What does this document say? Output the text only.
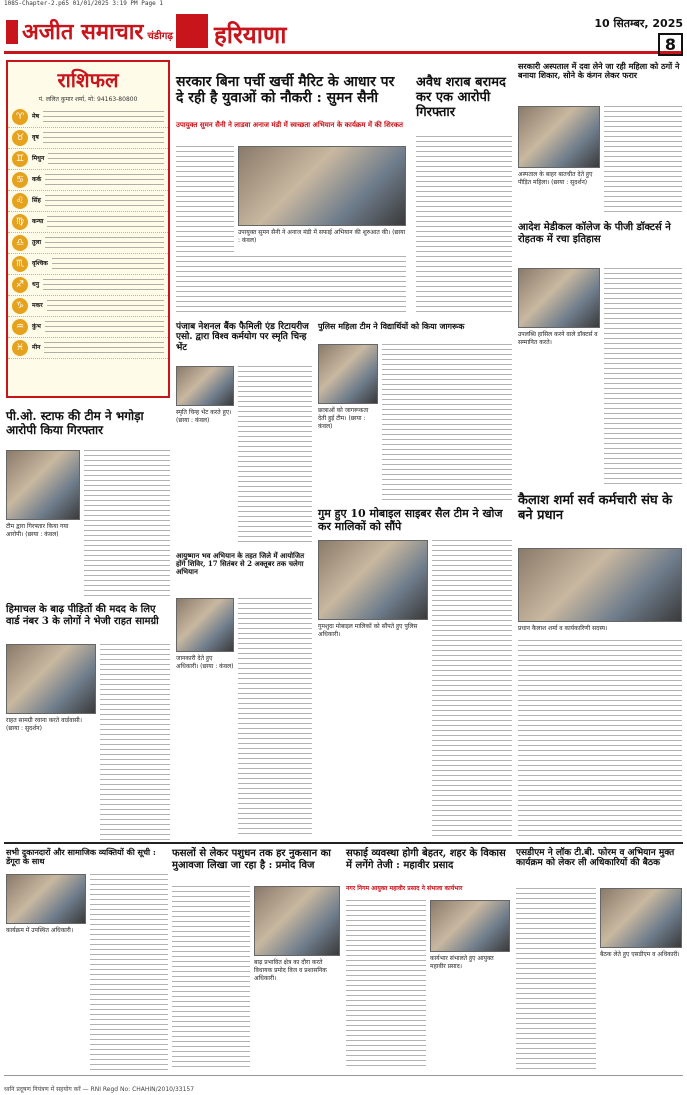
1085-Chapter-2.p65 01/01/2025 3:19 PM Page 1
अजीत समाचार चंडीगढ़ हरियाणा	10 सितम्बर, 2025
8
राशिफल
पं. ललित कुमार शर्मा, मो: 94163-80800
♈	मेष
♉	वृष
♊	मिथुन
♋	कर्क
♌	सिंह
♍	कन्या
♎	तुला
♏	वृश्चिक
♐	धनु
♑	मकर
♒	कुंभ
♓	मीन
सरकार बिना पर्ची खर्ची मैरिट के आधार पर दे रही है युवाओं को नौकरी : सुमन सैनी
उपायुक्त सुमन सैनी ने लाडवा अनाज मंडी में स्वच्छता अभियान के कार्यक्रम में की शिरकत
उपायुक्त सुमन सैनी ने अनाज मंडी में सफाई अभियान की शुरुआत की। (छाया : कंवल)
अवैध शराब बरामद कर एक आरोपी गिरफ्तार
सरकारी अस्पताल में दवा लेने जा रही महिला को ठगों ने बनाया शिकार, सोने के कंगन लेकर फरार
अस्पताल के बाहर बातचीत देते हुए पीड़ित महिला। (छाया : सुदर्शन)
पंजाब नेशनल बैंक फैमिली एंड रिटायरीज एसो. द्वारा विश्व कर्मयोग पर स्मृति चिन्ह भेंट
स्मृति चिन्ह भेंट करते हुए। (छाया : कंवल)
पुलिस महिला टीम ने विद्यार्थियों को किया जागरूक
छात्राओं को जागरूकता देती हुई टीम। (छाया : कंवल)
आदेश मेडीकल कॉलेज के पीजी डॉक्टर्स ने रोहतक में रचा इतिहास
उपलब्धि हासिल करने वाले डॉक्टर्स व सम्मानित करते।
पी.ओ. स्टाफ की टीम ने भगोड़ा आरोपी किया गिरफ्तार
टीम द्वारा गिरफ्तार किया गया आरोपी। (छाया : कंवल)
गुम हुए 10 मोबाइल साइबर सैल टीम ने खोज कर मालिकों को सौंपे
गुमशुदा मोबाइल मालिकों को सौंपते हुए पुलिस अधिकारी।
कैलाश शर्मा सर्व कर्मचारी संघ के बने प्रधान
प्रधान कैलाश शर्मा व कार्यकारिणी सदस्य।
हिमाचल के बाढ़ पीड़ितों की मदद के लिए वार्ड नंबर 3 के लोगों ने भेजी राहत सामग्री
राहत सामग्री रवाना करते वार्डवासी। (छाया : सुदर्शन)
आयुष्मान भव अभियान के तहत जिले में आयोजित होंगे शिविर, 17 सितंबर से 2 अक्तूबर तक चलेगा अभियान
जानकारी देते हुए अधिकारी। (छाया : कंवल)
सभी दुकानदारों और सामाजिक व्यक्तियों की सूची : डेंगूरा के साथ
कार्यक्रम में उपस्थित अधिकारी।
फसलों से लेकर पशुधन तक हर नुकसान का मुआवजा लिखा जा रहा है : प्रमोद विज
बाढ़ प्रभावित क्षेत्र का दौरा करते विधायक प्रमोद विज व प्रशासनिक अधिकारी।
सफाई व्यवस्था होगी बेहतर, शहर के विकास में लगेंगे तेजी : महावीर प्रसाद
नगर निगम आयुक्त महावीर प्रसाद ने संभाला कार्यभार
कार्यभार संभालते हुए आयुक्त महावीर प्रसाद।
एसडीएम ने लॉक टी.बी. फोरम व अभियान मुक्त कार्यक्रम को लेकर ली अधिकारियों की बैठक
बैठक लेते हुए एसडीएम व अधिकारी।
ध्वनि प्रदूषण नियंत्रण में सहयोग करें — RNI Regd No: CHAHIN/2010/33157
